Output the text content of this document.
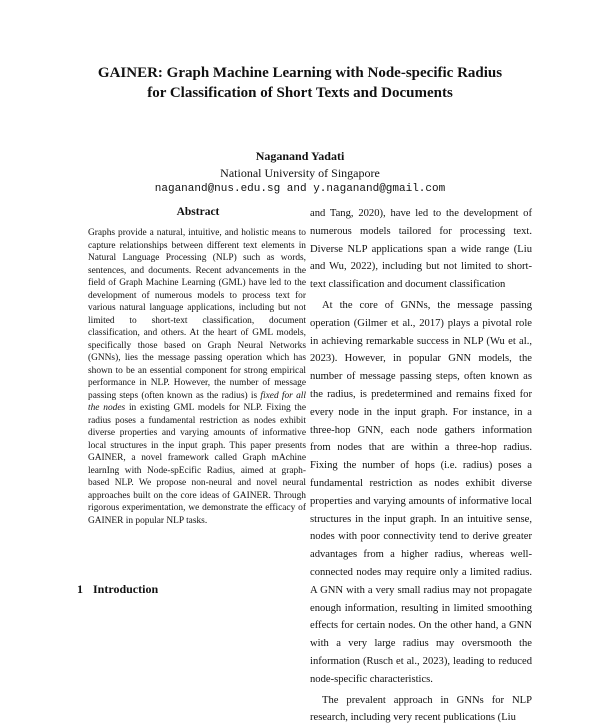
GAINER: Graph Machine Learning with Node-specific Radius
for Classification of Short Texts and Documents
Naganand Yadati
National University of Singapore
naganand@nus.edu.sg and y.naganand@gmail.com
Abstract
Graphs provide a natural, intuitive, and holistic means to capture relationships between different text elements in Natural Language Processing (NLP) such as words, sentences, and documents. Recent advancements in the field of Graph Machine Learning (GML) have led to the development of numerous models to process text for various natural language applications, including but not limited to short-text classification, document classification, and others. At the heart of GML models, specifically those based on Graph Neural Networks (GNNs), lies the message passing operation which has shown to be an essential component for strong empirical performance in NLP. However, the number of message passing steps (often known as the radius) is fixed for all the nodes in existing GML models for NLP. Fixing the radius poses a fundamental restriction as nodes exhibit diverse properties and varying amounts of informative local structures in the input graph. This paper presents GAINER, a novel framework called Graph mAchine learnIng with Node-spEcific Radius, aimed at graph-based NLP. We propose non-neural and novel neural approaches built on the core ideas of GAINER. Through rigorous experimentation, we demonstrate the efficacy of GAINER in popular NLP tasks.
1 Introduction

and Tang, 2020), have led to the development of numerous models tailored for processing text. Diverse NLP applications span a wide range (Liu and Wu, 2022), including but not limited to short-text classification and document classification

At the core of GNNs, the message passing operation (Gilmer et al., 2017) plays a pivotal role in achieving remarkable success in NLP (Wu et al., 2023). However, in popular GNN models, the number of message passing steps, often known as the radius, is predetermined and remains fixed for every node in the input graph. For instance, in a three-hop GNN, each node gathers information from nodes that are within a three-hop radius. Fixing the number of hops (i.e. radius) poses a fundamental restriction as nodes exhibit diverse properties and varying amounts of informative local structures in the input graph. In an intuitive sense, nodes with poor connectivity tend to derive greater advantages from a higher radius, whereas well-connected nodes may require only a limited radius. A GNN with a very small radius may not propagate enough information, resulting in limited smoothing effects for certain nodes. On the other hand, a GNN with a very large radius may oversmooth the information (Rusch et al., 2023), leading to reduced node-specific characteristics.

The prevalent approach in GNNs for NLP research, including very recent publications (Liu
